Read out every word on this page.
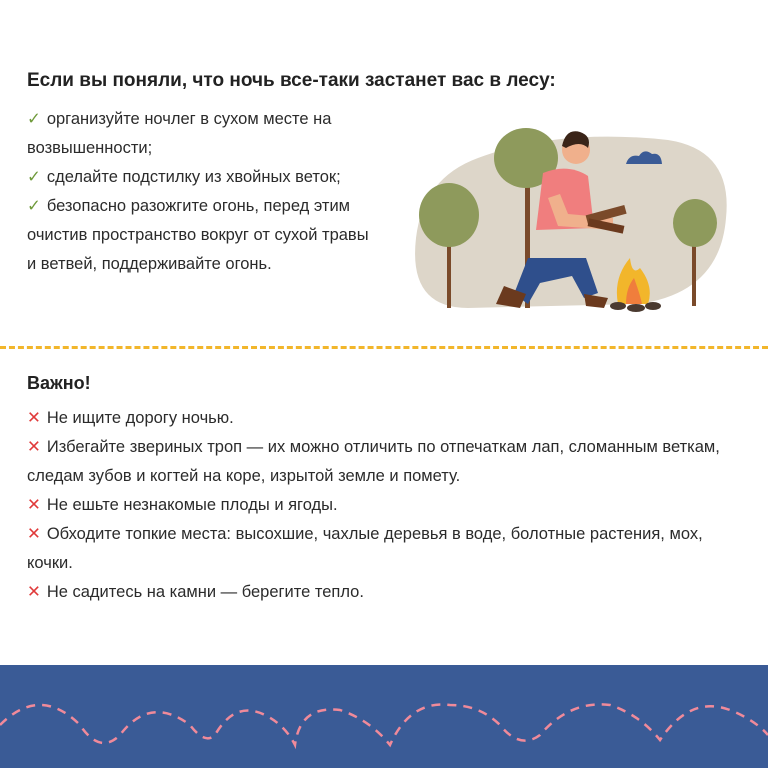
Если вы поняли, что ночь все-таки застанет вас в лесу:
✓ организуйте ночлег в сухом месте на возвышенности;
✓ сделайте подстилку из хвойных веток;
✓ безопасно разожгите огонь, перед этим очистив пространство вокруг от сухой травы и ветвей, поддерживайте огонь.
Важно!
✕ Не ищите дорогу ночью.
✕ Избегайте звериных троп — их можно отличить по отпечаткам лап, сломанным веткам, следам зубов и когтей на коре, изрытой земле и помету.
✕ Не ешьте незнакомые плоды и ягоды.
✕ Обходите топкие места: высохшие, чахлые деревья в воде, болотные растения, мох, кочки.
✕ Не садитесь на камни — берегите тепло.
